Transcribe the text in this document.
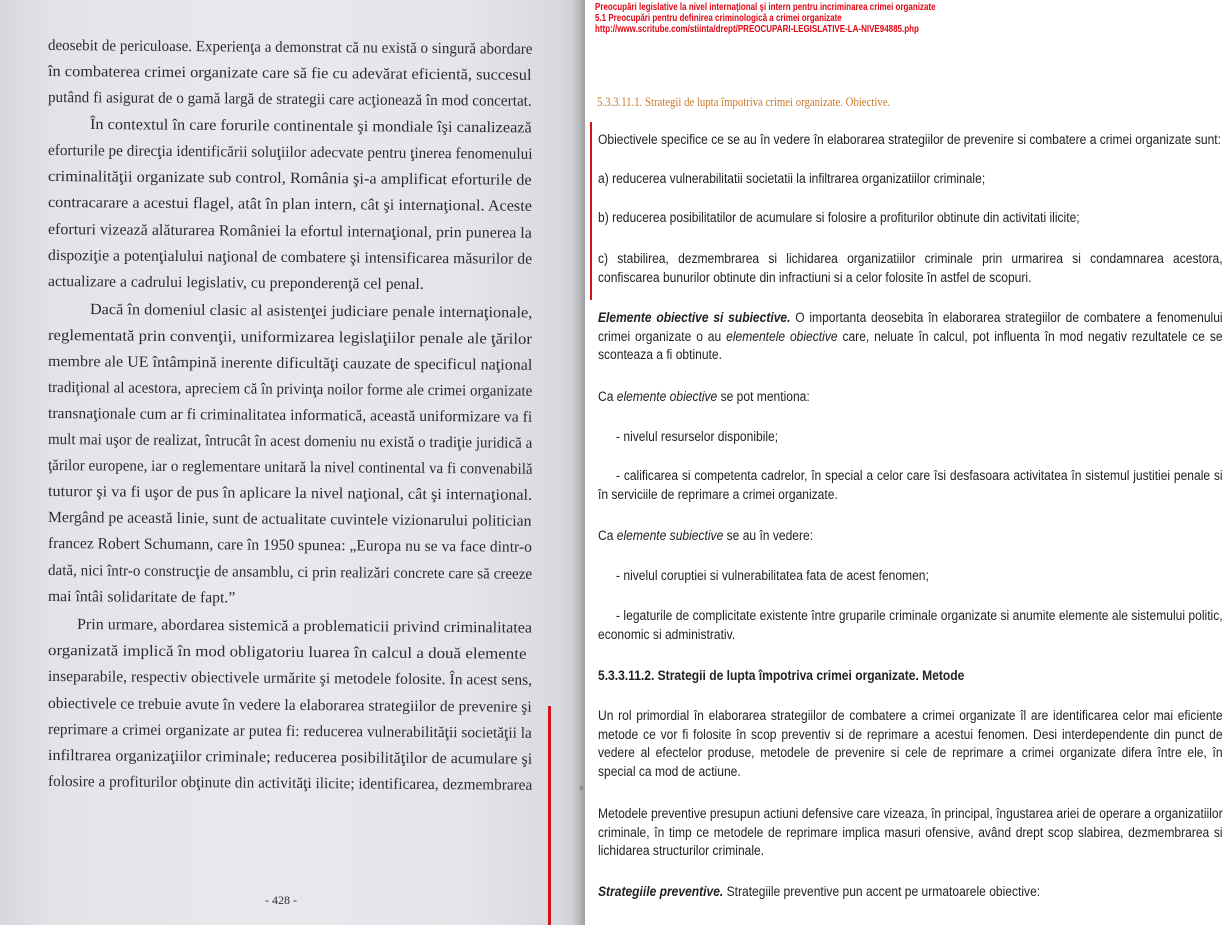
deosebit de periculoase. Experienţa a demonstrat că nu există o singură abordare
în combaterea crimei organizate care să fie cu adevărat eficientă, succesul
putând fi asigurat de o gamă largă de strategii care acţionează în mod concertat.
În contextul în care forurile continentale şi mondiale îşi canalizează
eforturile pe direcţia identificării soluţiilor adecvate pentru ţinerea fenomenului
criminalităţii organizate sub control, România şi-a amplificat eforturile de
contracarare a acestui flagel, atât în plan intern, cât şi internaţional. Aceste
eforturi vizează alăturarea României la efortul internaţional, prin punerea la
dispoziţie a potenţialului naţional de combatere şi intensificarea măsurilor de
actualizare a cadrului legislativ, cu preponderenţă cel penal.
Dacă în domeniul clasic al asistenţei judiciare penale internaţionale,
reglementată prin convenţii, uniformizarea legislaţiilor penale ale ţărilor
membre ale UE întâmpină inerente dificultăţi cauzate de specificul naţional
tradiţional al acestora, apreciem că în privinţa noilor forme ale crimei organizate
transnaţionale cum ar fi criminalitatea informatică, această uniformizare va fi
mult mai uşor de realizat, întrucât în acest domeniu nu există o tradiţie juridică a
ţărilor europene, iar o reglementare unitară la nivel continental va fi convenabilă
tuturor şi va fi uşor de pus în aplicare la nivel naţional, cât şi internaţional.
Mergând pe această linie, sunt de actualitate cuvintele vizionarului politician
francez Robert Schumann, care în 1950 spunea: „Europa nu se va face dintr-o
dată, nici într-o construcţie de ansamblu, ci prin realizări concrete care să creeze
mai întâi solidaritate de fapt.”
Prin urmare, abordarea sistemică a problematicii privind criminalitatea
organizată implică în mod obligatoriu luarea în calcul a două elemente
inseparabile, respectiv obiectivele urmărite şi metodele folosite. În acest sens,
obiectivele ce trebuie avute în vedere la elaborarea strategiilor de prevenire şi
reprimare a crimei organizate ar putea fi: reducerea vulnerabilităţii societăţii la
infiltrarea organizaţiilor criminale; reducerea posibilităţilor de acumulare şi
folosire a profiturilor obţinute din activităţi ilicite; identificarea, dezmembrarea
- 428 -
Preocupări legislative la nivel internaţional şi intern pentru incriminarea crimei organizate
5.1 Preocupări pentru definirea criminologică a crimei organizate
http://www.scritube.com/stiinta/drept/PREOCUPARI-LEGISLATIVE-LA-NIVE94885.php
5.3.3.11.1. Strategii de lupta împotriva crimei organizate. Obiective.
Obiectivele specifice ce se au în vedere în elaborarea strategiilor de prevenire si combatere a crimei organizate sunt:
a) reducerea vulnerabilitatii societatii la infiltrarea organizatiilor criminale;
b) reducerea posibilitatilor de acumulare si folosire a profiturilor obtinute din activitati ilicite;
c) stabilirea, dezmembrarea si lichidarea organizatiilor criminale prin urmarirea si condamnarea acestora, confiscarea bunurilor obtinute din infractiuni si a celor folosite în astfel de scopuri.
Elemente obiective si subiective. O importanta deosebita în elaborarea strategiilor de combatere a fenomenului crimei organizate o au elementele obiective care, neluate în calcul, pot influenta în mod negativ rezultatele ce se sconteaza a fi obtinute.
Ca elemente obiective se pot mentiona:
- nivelul resurselor disponibile;
- calificarea si competenta cadrelor, în special a celor care îsi desfasoara activitatea în sistemul justitiei penale si în serviciile de reprimare a crimei organizate.
Ca elemente subiective se au în vedere:
- nivelul coruptiei si vulnerabilitatea fata de acest fenomen;
- legaturile de complicitate existente între gruparile criminale organizate si anumite elemente ale sistemului politic, economic si administrativ.
5.3.3.11.2. Strategii de lupta împotriva crimei organizate. Metode
Un rol primordial în elaborarea strategiilor de combatere a crimei organizate îl are identificarea celor mai eficiente metode ce vor fi folosite în scop preventiv si de reprimare a acestui fenomen. Desi interdependente din punct de vedere al efectelor produse, metodele de prevenire si cele de reprimare a crimei organizate difera între ele, în special ca mod de actiune.
Metodele preventive presupun actiuni defensive care vizeaza, în principal, îngustarea ariei de operare a organizatiilor criminale, în timp ce metodele de reprimare implica masuri ofensive, având drept scop slabirea, dezmembrarea si lichidarea structurilor criminale.
Strategiile preventive. Strategiile preventive pun accent pe urmatoarele obiective:
